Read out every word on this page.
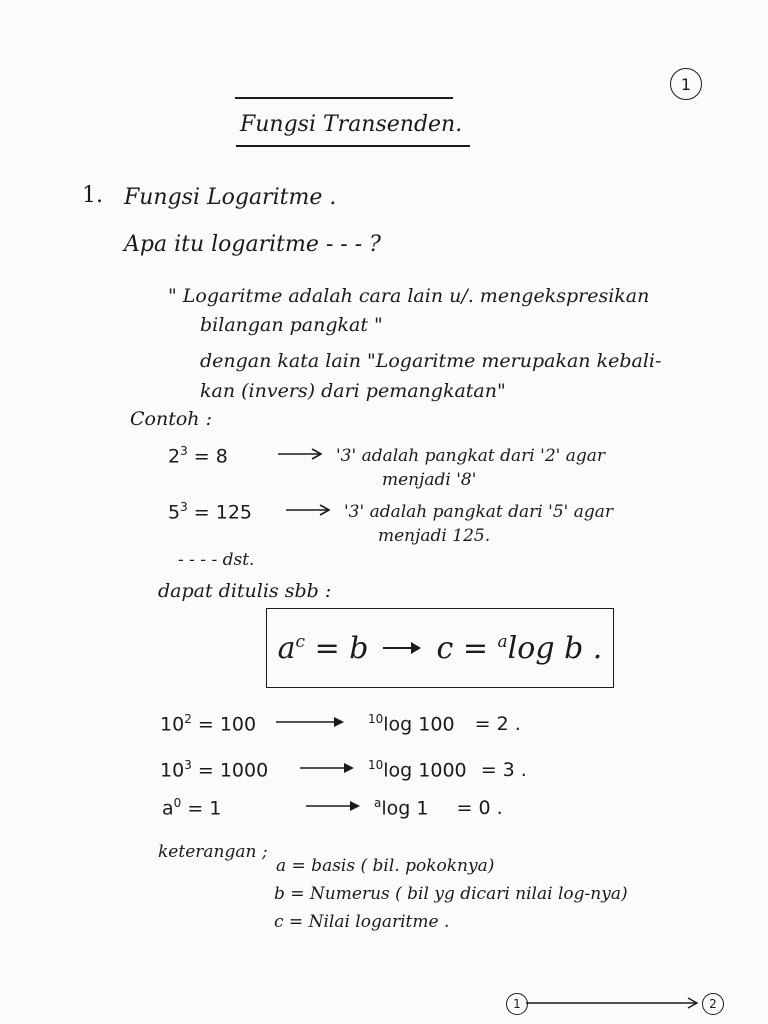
1
Fungsi Transenden.
1. Fungsi Logaritme .
Apa itu logaritme - - - ?
" Logaritme adalah cara lain u/. mengekspresikan
bilangan pangkat "
dengan kata lain "Logaritme merupakan kebali-
kan (invers) dari pemangkatan"
Contoh :
$2^3 = 8$	'3' adalah pangkat dari '2' agar
menjadi '8'
$5^3 = 125$	'3' adalah pangkat dari '5' agar
menjadi 125.
- - - - dst.
dapat ditulis sbb :
$a^c = b$ c = $^a$log b .
$10^2 = 100$	$^{10}$log 100 = 2 .
$10^3 = 1000$	$^{10}$log 1000 = 3 .
$a^0 = 1$	$^a$log 1 = 0 .
keterangan ;
a = basis ( bil. pokoknya)
b = Numerus ( bil yg dicari nilai log-nya)
c = Nilai logaritme .
1	2
